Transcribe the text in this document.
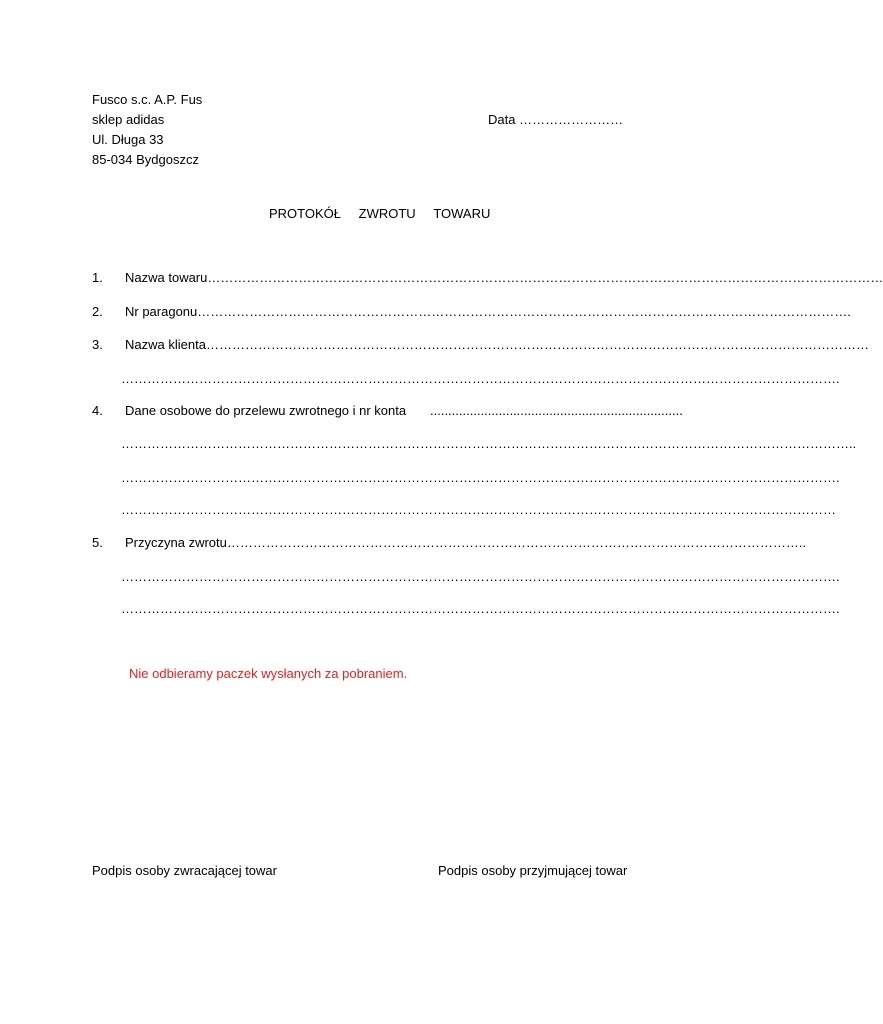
Fusco s.c. A.P. Fus
sklep adidas
Ul. Długa 33
85-034 Bydgoszcz
Data ……………………
PROTOKÓŁ ZWROTU TOWARU
1. Nazwa towaru…………………………………………………………………………………………………………………………………………
2. Nr paragonu…………………………………………………………………………………………………………………………………….
3. Nazwa klienta………………………………………………………………………………………………………………………………………
………………………………………………………………………………………………………………………………………………….
4. Dane osobowe do przelewu zwrotnego i nr konta ......................................................................
……………………………………………………………………………………………………………………………………………………..
………………………………………………………………………………………………………………………………………………….
…………………………………………………………………………………………………………………………………………………
5. Przyczyna zwrotu……………………………………………………………………………………………………………………..
………………………………………………………………………………………………………………………………………………….
………………………………………………………………………………………………………………………………………………….
Nie odbieramy paczek wysłanych za pobraniem.
Podpis osoby zwracającej towar	Podpis osoby przyjmującej towar
